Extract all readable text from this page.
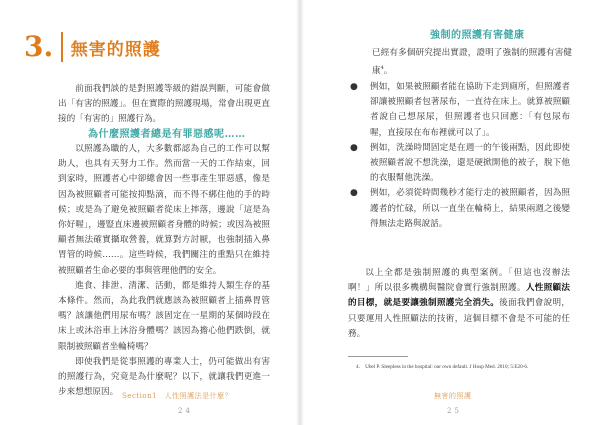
3. 無害的照護

前面我們談的是對照護等級的錯誤判斷，可能會做出「有害的照護」。但在實際的照護現場，常會出現更直接的「有害的」照護行為。

為什麼照護者總是有罪惡感呢……

以照護為職的人，大多數都認為自己的工作可以幫助人，也具有天努力工作。然而當一天的工作結束，回到家時，照護者心中卻總會因一些事產生罪惡感，像是因為被照顧者可能按抑點滴，而不得不綁住他的手的時候；或是為了避免被照顧者從床上摔落，邊說「這是為你好喔」，邊豎直床邊被照顧者身體的時候；或因為被照顧者無法確實攝取營養，就算對方討厭，也強制插入鼻胃管的時候……。這些時候，我們關注的重點只在維持被照顧者生命必要的事與管理他們的安全。

進食、排泄、清潔、活動，都是維持人類生存的基本條件。然而，為此我們就應該為被照顧者上插鼻胃管嗎？該讓他們用尿布嗎？該固定在一星期的某個時段在床上或沐浴車上沐浴身體嗎？該因為擔心他們跌倒，就限制被照顧者坐輪椅嗎？

即使我們是從事照護的專業人士，仍可能做出有害的照護行為，究竟是為什麼呢？以下，就讓我們更進一步來想想原因。 Section1　人性照護法是什麼？
24
強制的照護有害健康
已經有多個研究提出實證，證明了強制的照護有害健康$^4$。
● 例如，如果被照顧者能在協助下走到廁所，但照護者卻讓被照顧者包著尿布，一直待在床上。就算被照顧者說自己想尿尿，但照護者也只回應：「有包尿布喔，直接尿在布布裡就可以了」。
● 例如，洗澡時間固定是在週一的午後兩點，因此即使被照顧者說不想洗澡，還是硬掀開他的被子，脫下他的衣服幫他洗澡。
● 例如，必須從時間幾秒才能行走的被照顧者，因為照護者的忙碌，所以一直坐在輪椅上，結果兩週之後變得無法走路與說話。

以上全都是強制照護的典型案例。「但這也沒辦法啊！」所以很多機構與醫院會實行強制照護。人性照顧法的目標，就是要讓強制照護完全消失。後面我們會說明，只要運用人性照顧法的技術，這個目標不會是不可能的任務。

4.　Ubel P. Sleepless in the hospital: our own default. J Hosp Med. 2010; 5:E20-6.
無害的照護
25
